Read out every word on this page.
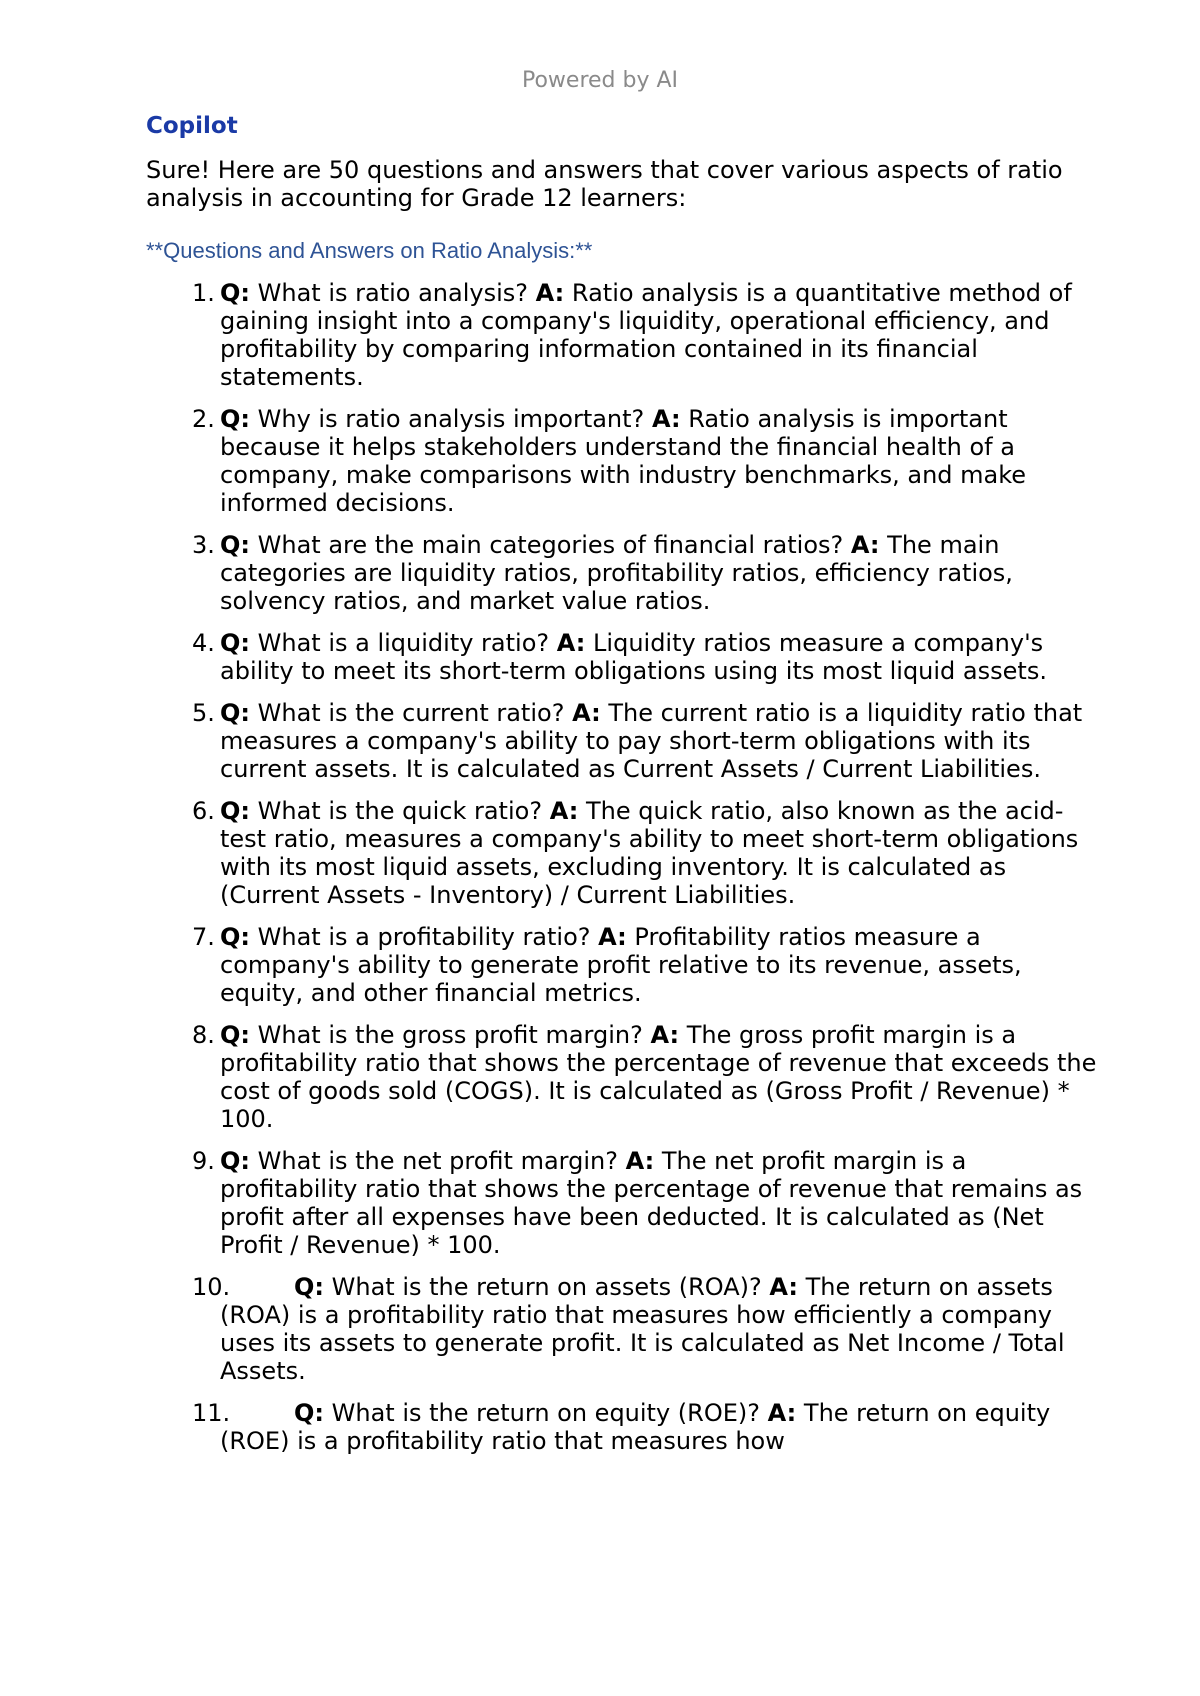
Powered by AI
Copilot

Sure! Here are 50 questions and answers that cover various aspects of ratio analysis in accounting for Grade 12 learners:

**Questions and Answers on Ratio Analysis:**
1. Q: What is ratio analysis? A: Ratio analysis is a quantitative method of gaining insight into a company's liquidity, operational efficiency, and profitability by comparing information contained in its financial statements.
2. Q: Why is ratio analysis important? A: Ratio analysis is important because it helps stakeholders understand the financial health of a company, make comparisons with industry benchmarks, and make informed decisions.
3. Q: What are the main categories of financial ratios? A: The main categories are liquidity ratios, profitability ratios, efficiency ratios, solvency ratios, and market value ratios.
4. Q: What is a liquidity ratio? A: Liquidity ratios measure a company's ability to meet its short-term obligations using its most liquid assets.
5. Q: What is the current ratio? A: The current ratio is a liquidity ratio that measures a company's ability to pay short-term obligations with its current assets. It is calculated as Current Assets / Current Liabilities.
6. Q: What is the quick ratio? A: The quick ratio, also known as the acid-test ratio, measures a company's ability to meet short-term obligations with its most liquid assets, excluding inventory. It is calculated as (Current Assets - Inventory) / Current Liabilities.
7. Q: What is a profitability ratio? A: Profitability ratios measure a company's ability to generate profit relative to its revenue, assets, equity, and other financial metrics.
8. Q: What is the gross profit margin? A: The gross profit margin is a profitability ratio that shows the percentage of revenue that exceeds the cost of goods sold (COGS). It is calculated as (Gross Profit / Revenue) * 100.
9. Q: What is the net profit margin? A: The net profit margin is a profitability ratio that shows the percentage of revenue that remains as profit after all expenses have been deducted. It is calculated as (Net Profit / Revenue) * 100.
10.	Q: What is the return on assets (ROA)? A: The return on assets (ROA) is a profitability ratio that measures how efficiently a company uses its assets to generate profit. It is calculated as Net Income / Total Assets.
11.	Q: What is the return on equity (ROE)? A: The return on equity (ROE) is a profitability ratio that measures how
